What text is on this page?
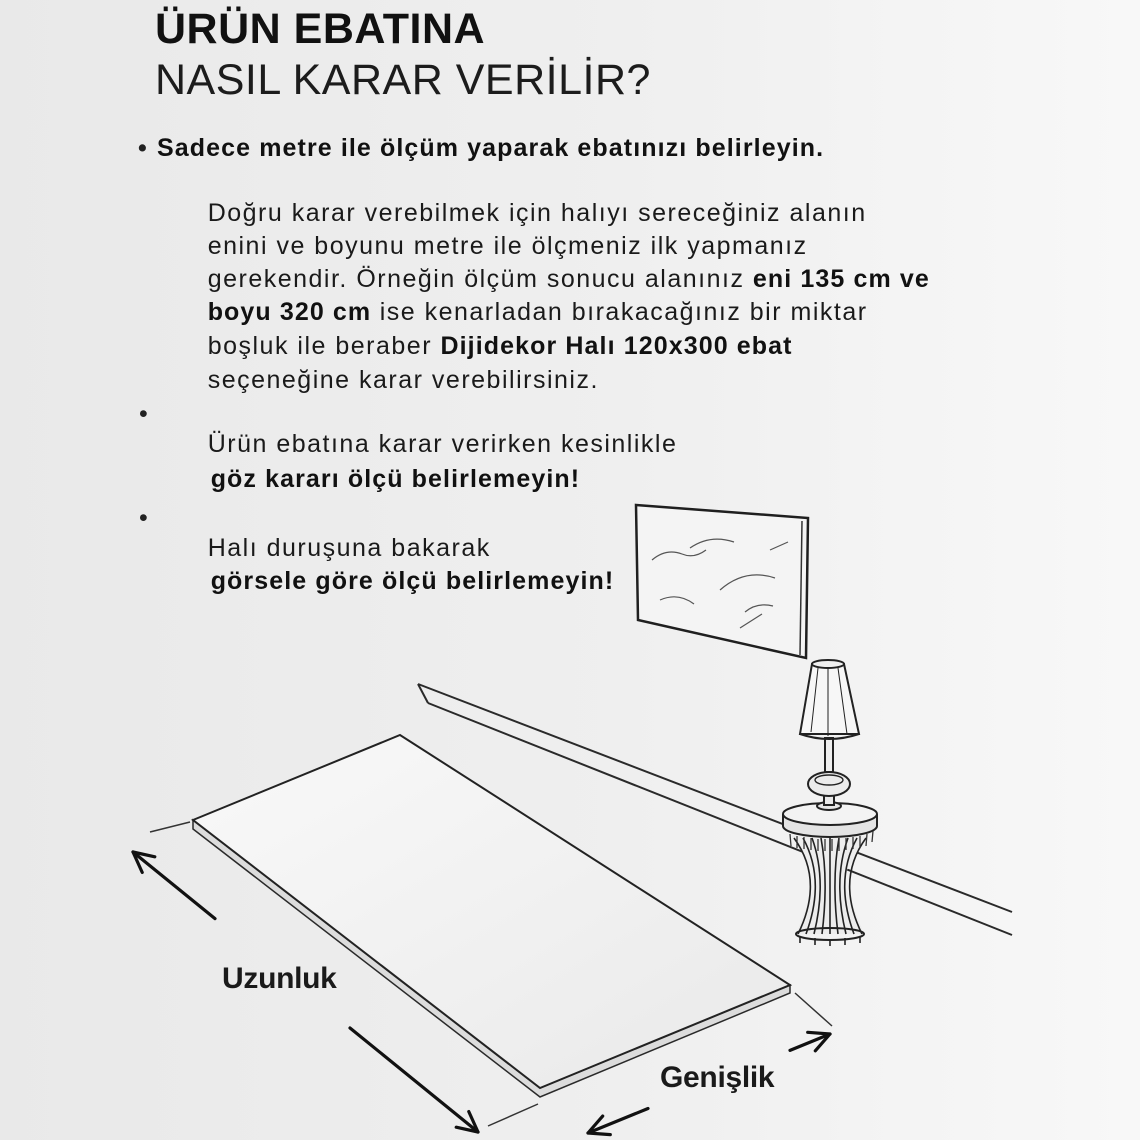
ÜRÜN EBATINA
NASIL KARAR VERİLİR?
• Sadece metre ile ölçüm yaparak ebatınızı belirleyin.

Doğru karar verebilmek için halıyı sereceğiniz alanın

enini ve boyunu metre ile ölçmeniz ilk yapmanız

gerekendir. Örneğin ölçüm sonucu alanınız eni 135 cm ve

boyu 320 cm ise kenarladan bırakacağınız bir miktar

boşluk ile beraber Dijidekor Halı 120x300 ebat

seçeneğine karar verebilirsiniz.

•

Ürün ebatına karar verirken kesinlikle

göz kararı ölçü belirlemeyin!

•

Halı duruşuna bakarak

görsele göre ölçü belirlemeyin!

Uzunluk
Genişlik
